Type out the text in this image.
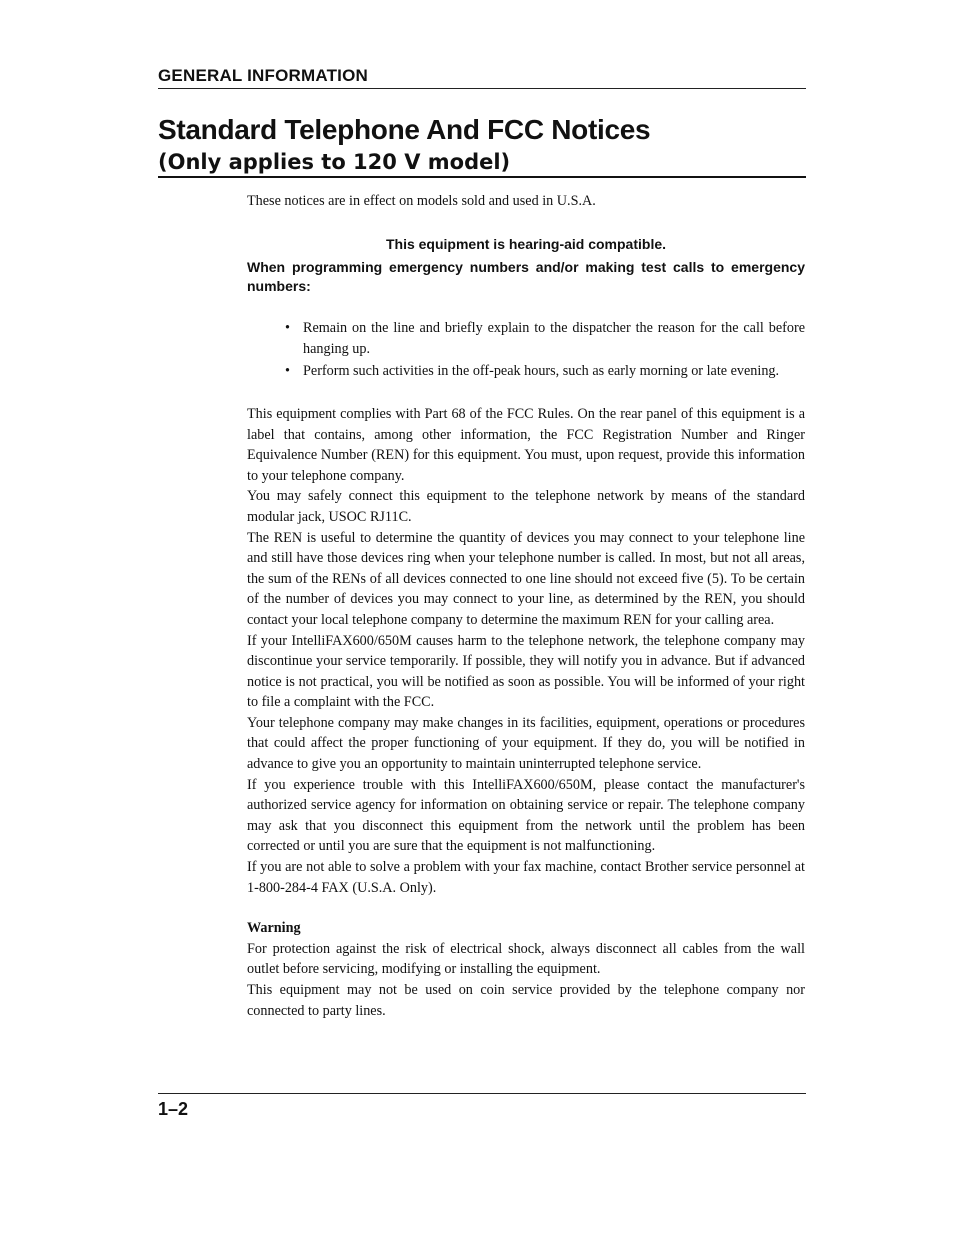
GENERAL INFORMATION
Standard Telephone And FCC Notices
(Only applies to 120 V model)

These notices are in effect on models sold and used in U.S.A.

This equipment is hearing-aid compatible.

When programming emergency numbers and/or making test calls to emergency numbers:

• Remain on the line and briefly explain to the dispatcher the reason for the call before hanging up.
• Perform such activities in the off-peak hours, such as early morning or late evening.

This equipment complies with Part 68 of the FCC Rules. On the rear panel of this equipment is a label that contains, among other information, the FCC Registration Number and Ringer Equivalence Number (REN) for this equipment. You must, upon request, provide this information to your telephone company.

You may safely connect this equipment to the telephone network by means of the standard modular jack, USOC RJ11C.

The REN is useful to determine the quantity of devices you may connect to your telephone line and still have those devices ring when your telephone number is called. In most, but not all areas, the sum of the RENs of all devices connected to one line should not exceed five (5). To be certain of the number of devices you may connect to your line, as determined by the REN, you should contact your local telephone company to determine the maximum REN for your calling area.

If your IntelliFAX600/650M causes harm to the telephone network, the telephone company may discontinue your service temporarily. If possible, they will notify you in advance. But if advanced notice is not practical, you will be notified as soon as possible. You will be informed of your right to file a complaint with the FCC.

Your telephone company may make changes in its facilities, equipment, operations or procedures that could affect the proper functioning of your equipment. If they do, you will be notified in advance to give you an opportunity to maintain uninterrupted telephone service.

If you experience trouble with this IntelliFAX600/650M, please contact the manufacturer's authorized service agency for information on obtaining service or repair. The telephone company may ask that you disconnect this equipment from the network until the problem has been corrected or until you are sure that the equipment is not malfunctioning.

If you are not able to solve a problem with your fax machine, contact Brother service personnel at 1-800-284-4 FAX (U.S.A. Only).

Warning

For protection against the risk of electrical shock, always disconnect all cables from the wall outlet before servicing, modifying or installing the equipment.

This equipment may not be used on coin service provided by the telephone company nor connected to party lines.

1–2
